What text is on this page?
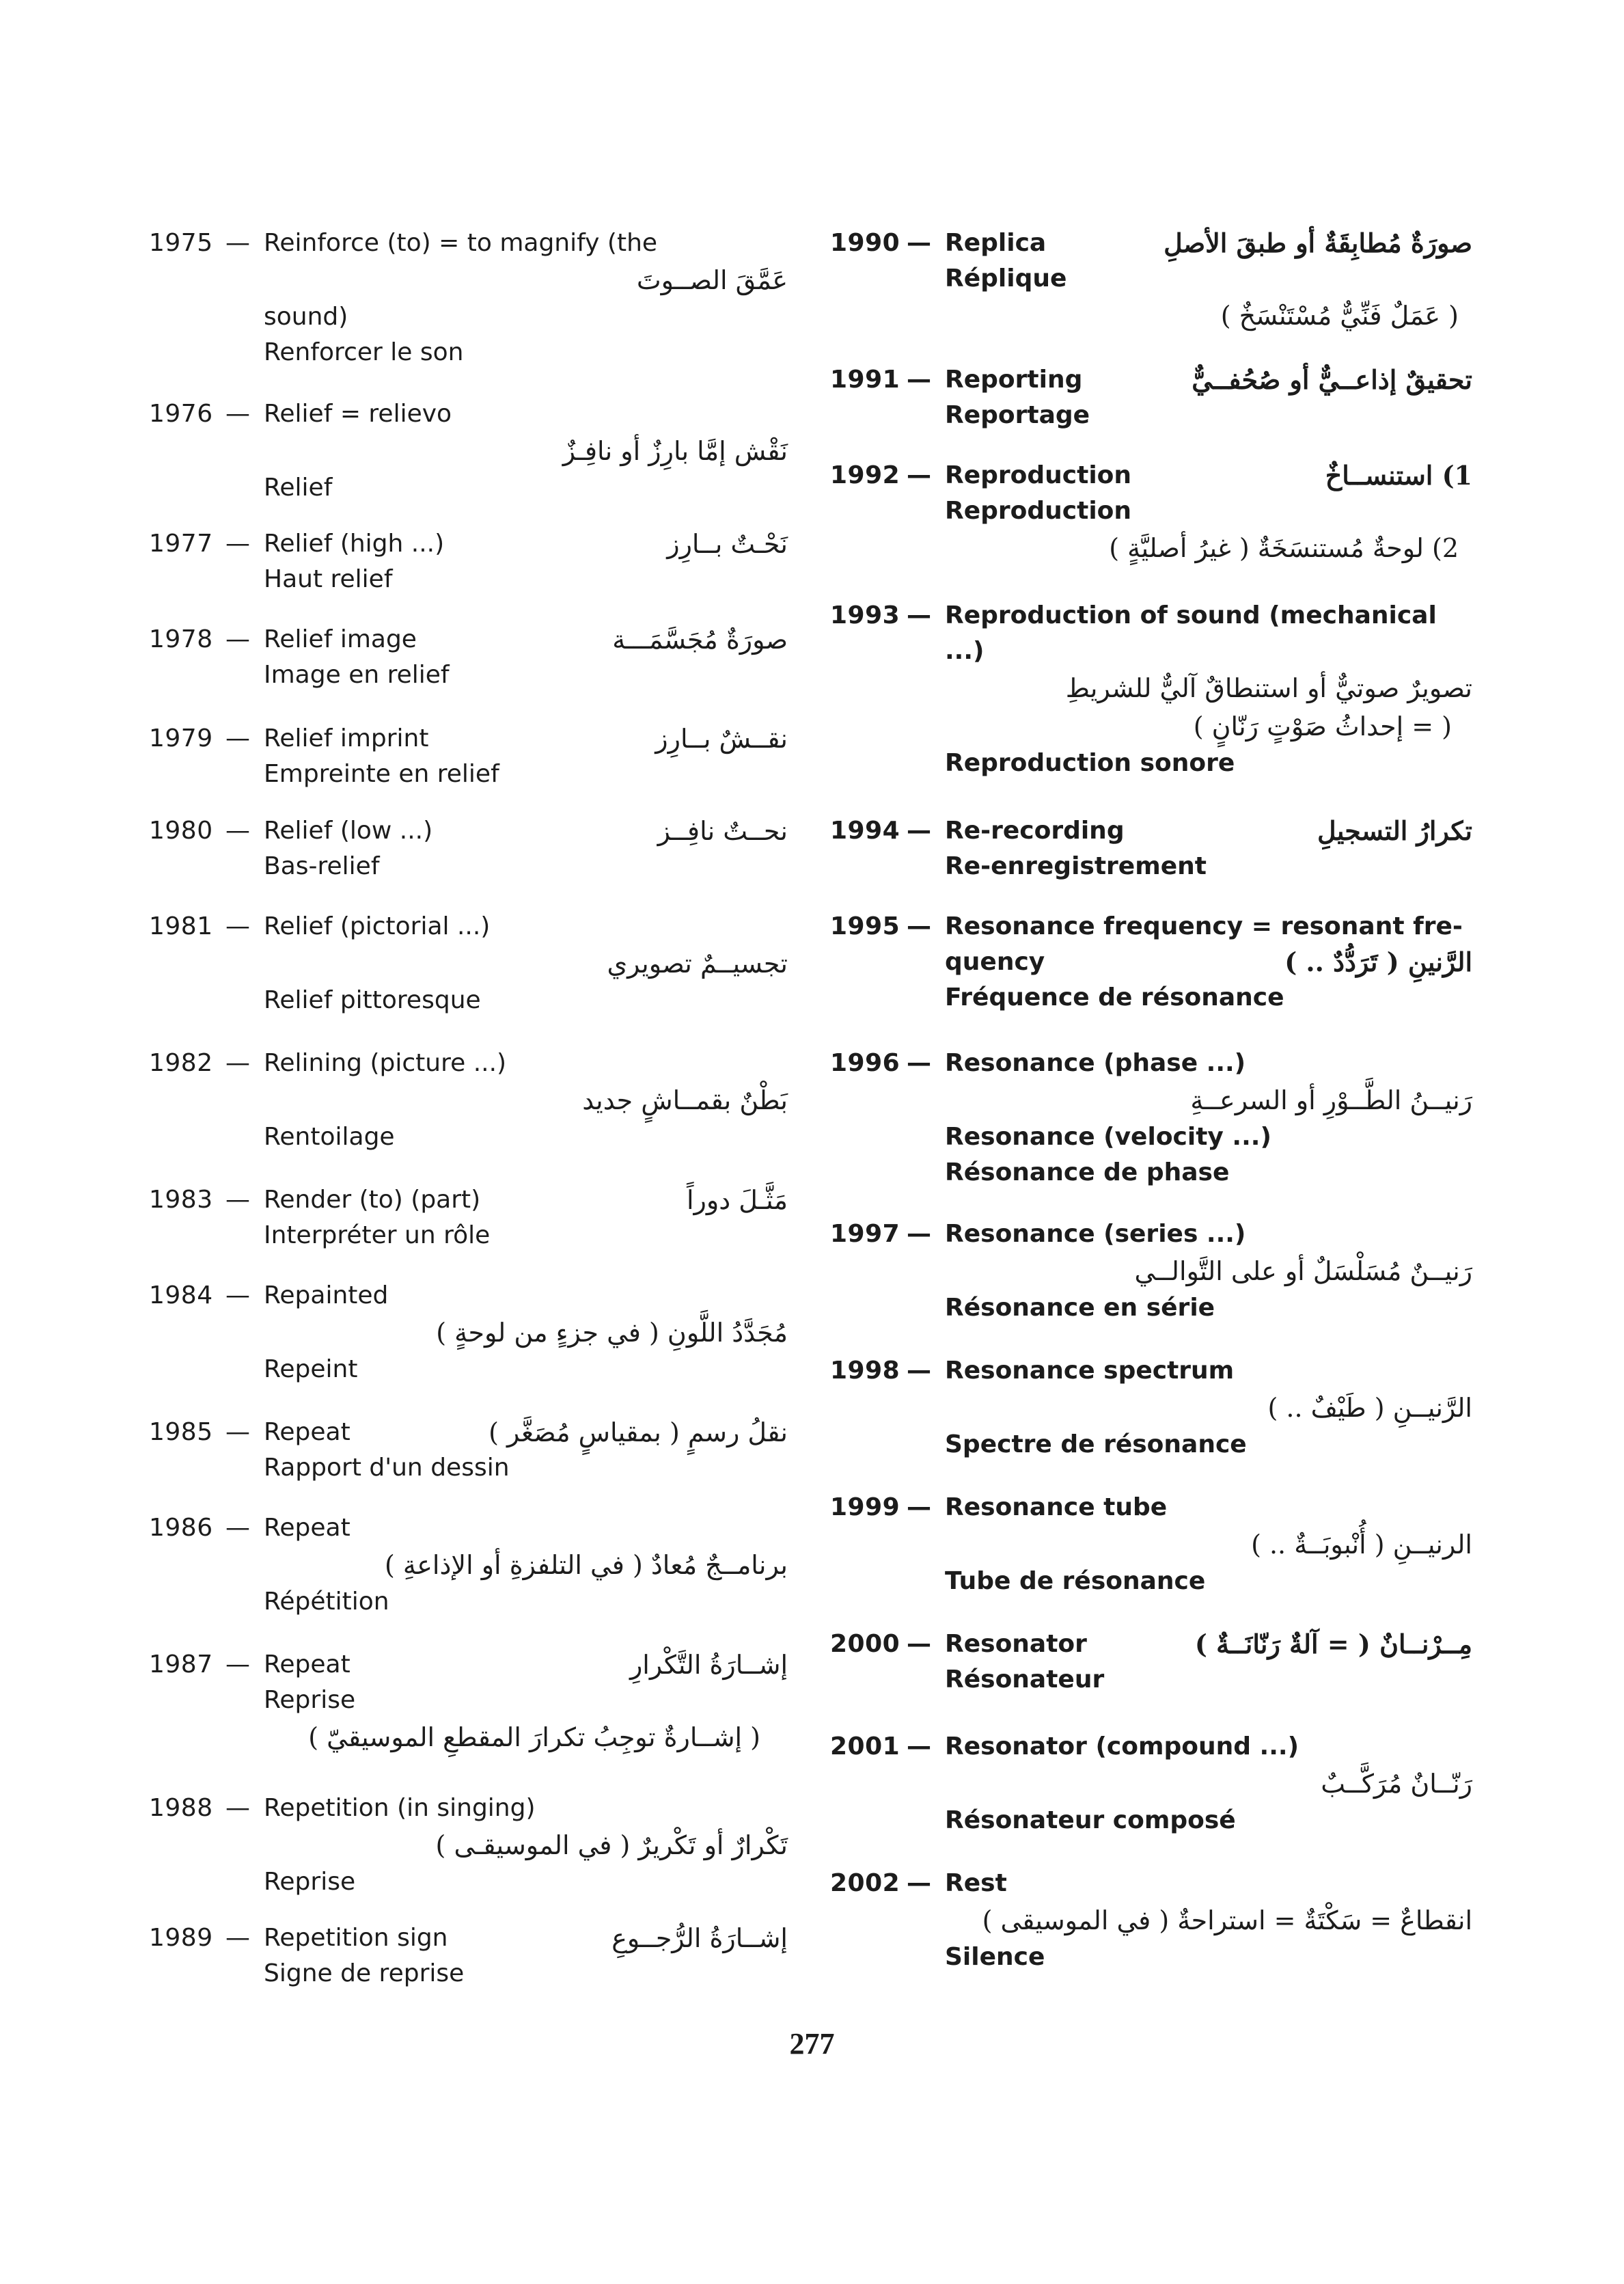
1975 — Reinforce (to) = to magnify (the
عَمَّقَ الصــوتَ
sound)
Renforcer le son
1976 — Relief = relievo
نَقْش إمَّا بارِزٌ أو نافِـزٌ
Relief
1977 — Relief (high ...)	نَحْـتٌ بــارِز
Haut relief
1978 — Relief image	صورَةٌ مُجَسَّمَـــة
Image en relief
1979 — Relief imprint	نقــشٌ بــارِز
Empreinte en relief
1980 — Relief (low ...)	نحــتٌ نافِــز
Bas-relief
1981 — Relief (pictorial ...)
تجسيــمٌ تصويري
Relief pittoresque
1982 — Relining (picture ...)
بَطْنٌ بقمــاشٍ جديد
Rentoilage
1983 — Render (to) (part)	مَثَّـلَ دوراً
Interpréter un rôle
1984 — Repainted
مُجَدَّدُ اللَّونِ ( في جزءٍ من لوحةٍ )
Repeint
1985 — Repeat	نقلُ رسمٍ ( بمقياسٍ مُصَغَّر )
Rapport d'un dessin
1986 — Repeat
برنامــجٌ مُعادٌ ( في التلفزةِ أو الإذاعةِ )
Répétition
1987 — Repeat	إشــارَةُ التَّكْرارِ
Reprise
( إشــارةٌ توجِبُ تكرارَ المقطعِ الموسيقيّ )
1988 — Repetition (in singing)
تَكْرارٌ أو تَكْريرٌ ( في الموسيقـى )
Reprise
1989 — Repetition sign	إشــارَةُ الرُّجــوعِ
Signe de reprise
1990 — Replica	صورَةٌ مُطابِقَةٌ أو طبقَ الأصلِ
Réplique
( عَمَلٌ فَنِّيٌّ مُسْتَنْسَخٌ )
1991 — Reporting	تحقيقٌ إذاعــيٌّ أو صُحُفــيٌّ
Reportage
1992 — Reproduction	1) استنســاخٌ
Reproduction
2) لوحةٌ مُستنسَخَةٌ ( غيرُ أصليَّةٍ )
1993 — Reproduction of sound (mechanical
...)
تصويرٌ صوتيٌّ أو استنطاقٌ آليٌّ للشريطِ
( = إحداثُ صَوْتٍ رَنّانٍ )
Reproduction sonore
1994 — Re-recording	تكرارُ التسجيلِ
Re-enregistrement
1995 — Resonance frequency = resonant fre-
quency	الرَّنينِ ( تَرَدُّدٌ .. )
Fréquence de résonance
1996 — Resonance (phase ...)
رَنيــنُ الطَّــوْرِ أو السرعــةِ
Resonance (velocity ...)
Résonance de phase
1997 — Resonance (series ...)
رَنيــنٌ مُسَلْسَلٌ أو على التَّوالــي
Résonance en série
1998 — Resonance spectrum
الرَّنيــنِ ( طَيْفٌ .. )
Spectre de résonance
1999 — Resonance tube
الرنيــنِ ( أُنْبوبَــةٌ .. )
Tube de résonance
2000 — Resonator	مِــرْنــانٌ ( = آلةٌ رَنّانَــةٌ )
Résonateur
2001 — Resonator (compound ...)
رَنّــانٌ مُرَكَّــبٌ
Résonateur composé
2002 — Rest
انقطاعٌ = سَكْتَةٌ = استراحةٌ ( في الموسيقى )
Silence
277
